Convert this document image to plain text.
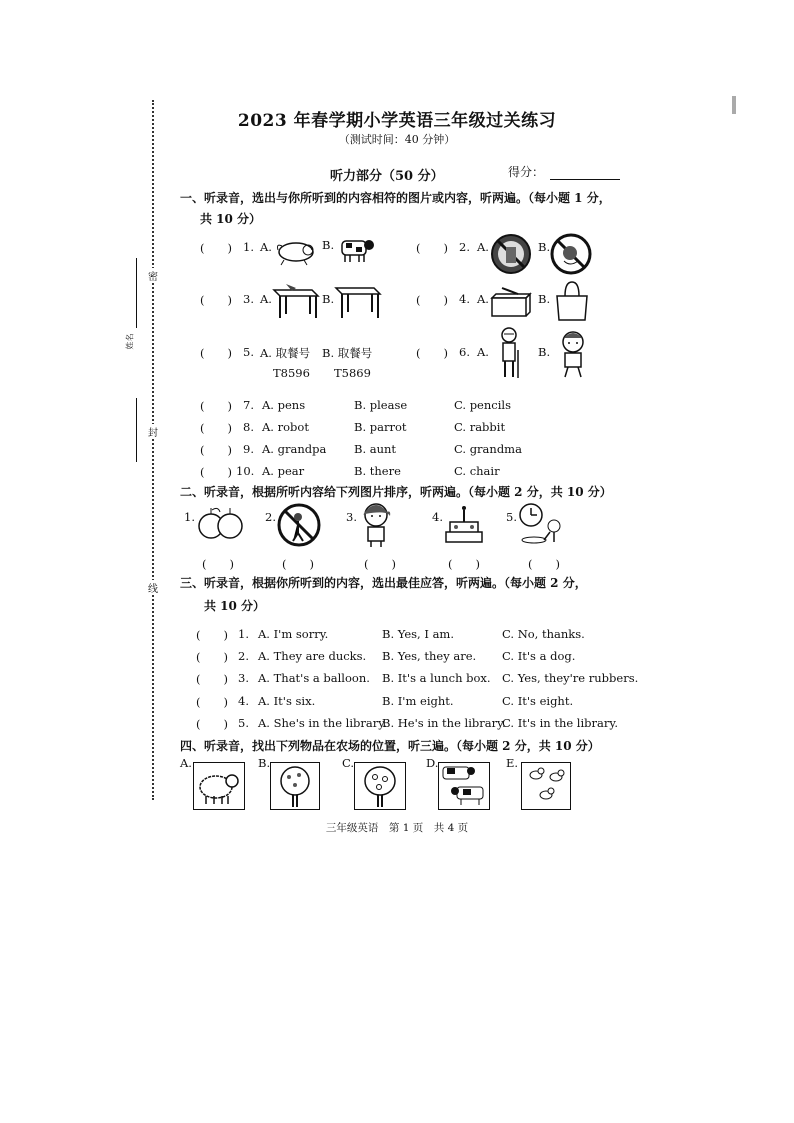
密
封
线
姓名
2023 年春学期小学英语三年级过关练习
（测试时间：40 分钟）
听力部分（50 分）	得分：
一、听录音，选出与你所听到的内容相符的图片或内容，听两遍。（每小题 1 分，
共 10 分）
(　　) 1. A.	B.	(　　) 2. A.	B.
(　　) 3. A.	B.	(　　) 4. A.	B.
(　　) 5. A. 取餐号 B. 取餐号
T8596 T5869
(　　) 6. A.	B.
(　　) 7. A. pens	B. please	C. pencils
(　　) 8. A. robot	B. parrot	C. rabbit
(　　) 9. A. grandpa B. aunt	C. grandma
(　　) 10. A. pear	B. there	C. chair
二、听录音，根据所听内容给下列图片排序，听两遍。（每小题 2 分，共 10 分）
1.	2.	3.	4.	5.
(　　)	(　　)	(　　)	(　　)	(　　)
三、听录音，根据你所听到的内容，选出最佳应答，听两遍。（每小题 2 分，
共 10 分）
(　　) 1. A. I'm sorry.	B. Yes, I am.	C. No, thanks.
(　　) 2. A. They are ducks. B. Yes, they are. C. It's a dog.
(　　) 3. A. That's a balloon. B. It's a lunch box. C. Yes, they're rubbers.
(　　) 4. A. It's six.	B. I'm eight.	C. It's eight.
(　　) 5. A. She's in the library.
B. He's in the library.
C. It's in the library.
四、听录音，找出下列物品在农场的位置，听三遍。（每小题 2 分，共 10 分）
A.	B.	C.	D.	E.
三年级英语　第 1 页　共 4 页
